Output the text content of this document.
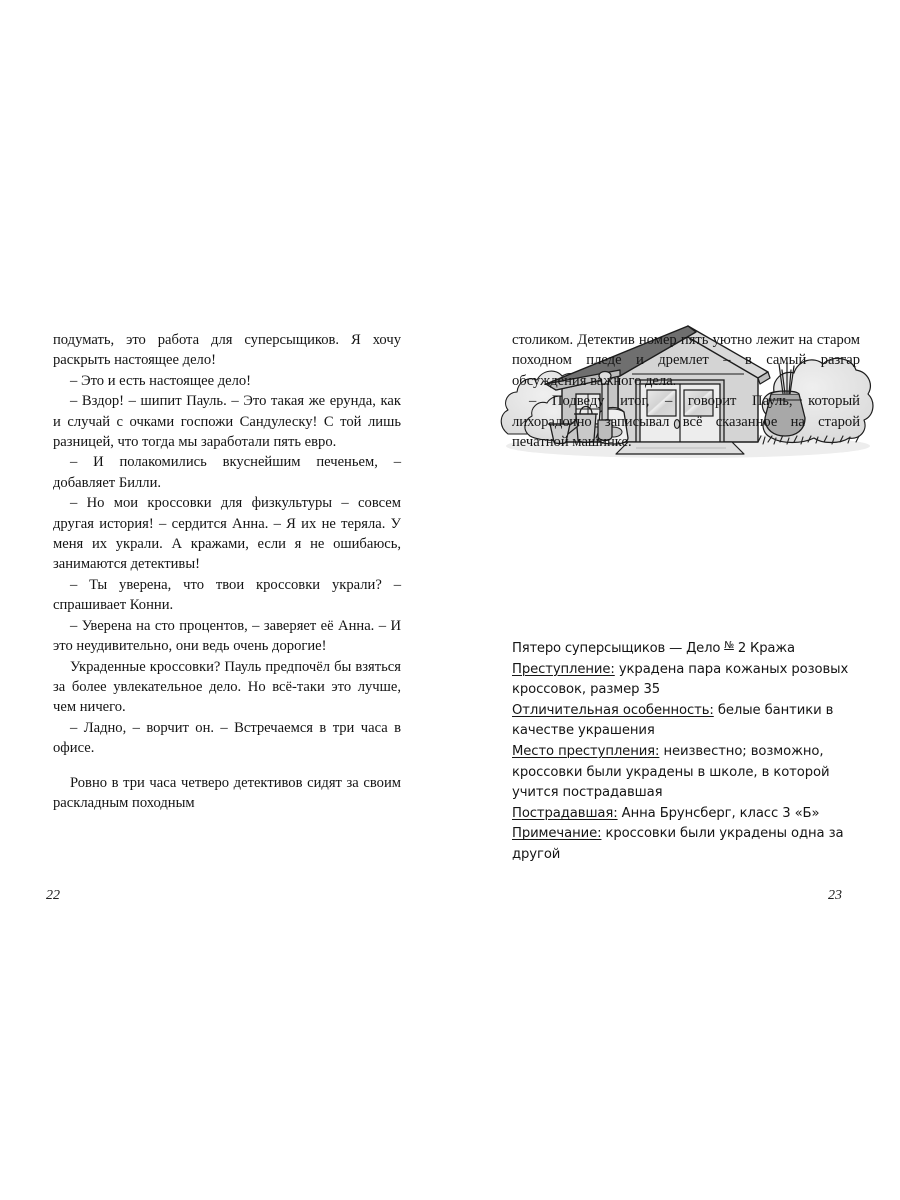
подумать, это работа для суперсыщиков. Я хочу раскрыть настоящее дело!

– Это и есть настоящее дело!

– Вздор! – шипит Пауль. – Это такая же ерунда, как и случай с очками госпожи Сандулеску! С той лишь разницей, что тогда мы заработали пять евро.

– И полакомились вкуснейшим печеньем, – добавляет Билли.

– Но мои кроссовки для физкультуры – совсем другая история! – сердится Анна. – Я их не теряла. У меня их украли. А кражами, если я не ошибаюсь, занимаются детективы!

– Ты уверена, что твои кроссовки украли? – спрашивает Конни.

– Уверена на сто процентов, – заверяет её Анна. – И это неудивительно, они ведь очень дорогие!

Украденные кроссовки? Пауль предпочёл бы взяться за более увлекательное дело. Но всё-таки это лучше, чем ничего.

– Ладно, – ворчит он. – Встречаемся в три часа в офисе.

Ровно в три часа четверо детективов сидят за своим раскладным походным

22

столиком. Детектив номер пять уютно лежит на старом походном пледе и дремлет – в самый разгар обсуждения важного дела.

– Подведу итог, – говорит Пауль, который лихорадочно записывал всё сказанное на старой печатной машинке.

Пятеро суперсыщиков — Дело № 2 Кража
Преступление: украдена пара кожаных розовых кроссовок, размер 35
Отличительная особенность: белые бантики в качестве украшения
Место преступления: неизвестно; возможно, кроссовки были украдены в школе, в которой учится пострадавшая
Пострадавшая: Анна Брунсберг, класс 3 «Б»
Примечание: кроссовки были украдены одна за другой
23
